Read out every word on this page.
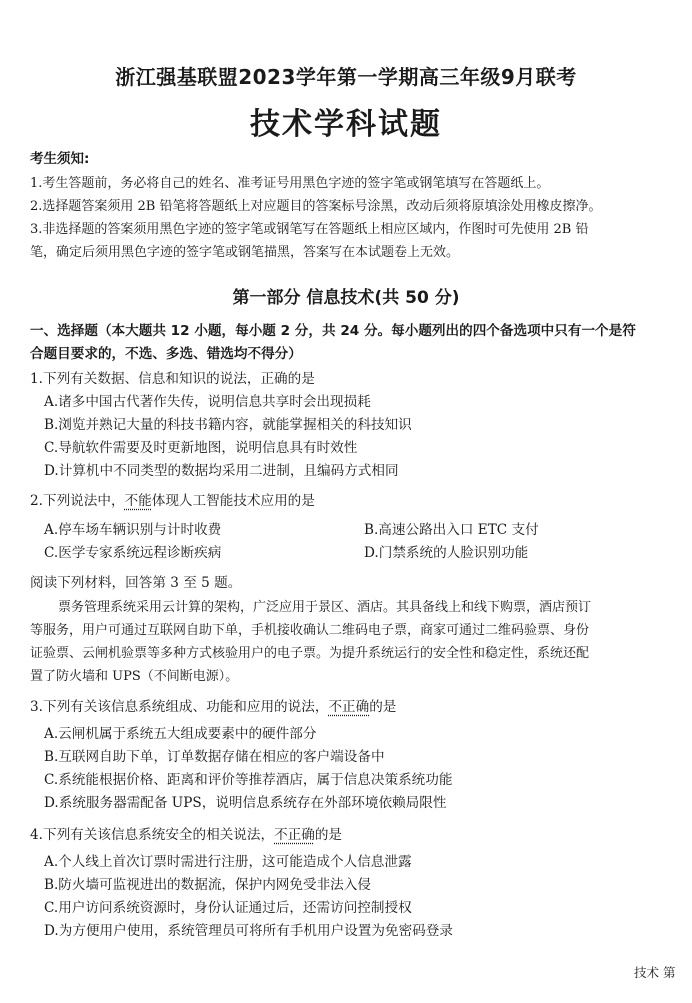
浙江强基联盟2023学年第一学期高三年级9月联考
技术学科试题
考生须知:
1.考生答题前，务必将自己的姓名、准考证号用黑色字迹的签字笔或钢笔填写在答题纸上。
2.选择题答案须用 2B 铅笔将答题纸上对应题目的答案标号涂黑，改动后须将原填涂处用橡皮擦净。
3.非选择题的答案须用黑色字迹的签字笔或钢笔写在答题纸上相应区域内，作图时可先使用 2B 铅
笔，确定后须用黑色字迹的签字笔或钢笔描黑，答案写在本试题卷上无效。
第一部分 信息技术(共 50 分)
一、选择题（本大题共 12 小题，每小题 2 分，共 24 分。每小题列出的四个备选项中只有一个是符
合题目要求的，不选、多选、错选均不得分）
1.下列有关数据、信息和知识的说法，正确的是
A.诸多中国古代著作失传，说明信息共享时会出现损耗
B.浏览并熟记大量的科技书籍内容，就能掌握相关的科技知识
C.导航软件需要及时更新地图，说明信息具有时效性
D.计算机中不同类型的数据均采用二进制，且编码方式相同
2.下列说法中，不能体现人工智能技术应用的是
A.停车场车辆识别与计时收费	B.高速公路出入口 ETC 支付
C.医学专家系统远程诊断疾病	D.门禁系统的人脸识别功能
阅读下列材料，回答第 3 至 5 题。
票务管理系统采用云计算的架构，广泛应用于景区、酒店。其具备线上和线下购票，酒店预订
等服务，用户可通过互联网自助下单，手机接收确认二维码电子票，商家可通过二维码验票、身份
证验票、云闸机验票等多种方式核验用户的电子票。为提升系统运行的安全性和稳定性，系统还配
置了防火墙和 UPS（不间断电源）。
3.下列有关该信息系统组成、功能和应用的说法，不正确的是
A.云闸机属于系统五大组成要素中的硬件部分
B.互联网自助下单，订单数据存储在相应的客户端设备中
C.系统能根据价格、距离和评价等推荐酒店，属于信息决策系统功能
D.系统服务器需配备 UPS，说明信息系统存在外部环境依赖局限性
4.下列有关该信息系统安全的相关说法，不正确的是
A.个人线上首次订票时需进行注册，这可能造成个人信息泄露
B.防火墙可监视进出的数据流，保护内网免受非法入侵
C.用户访问系统资源时，身份认证通过后，还需访问控制授权
D.为方便用户使用，系统管理员可将所有手机用户设置为免密码登录
技术 第
